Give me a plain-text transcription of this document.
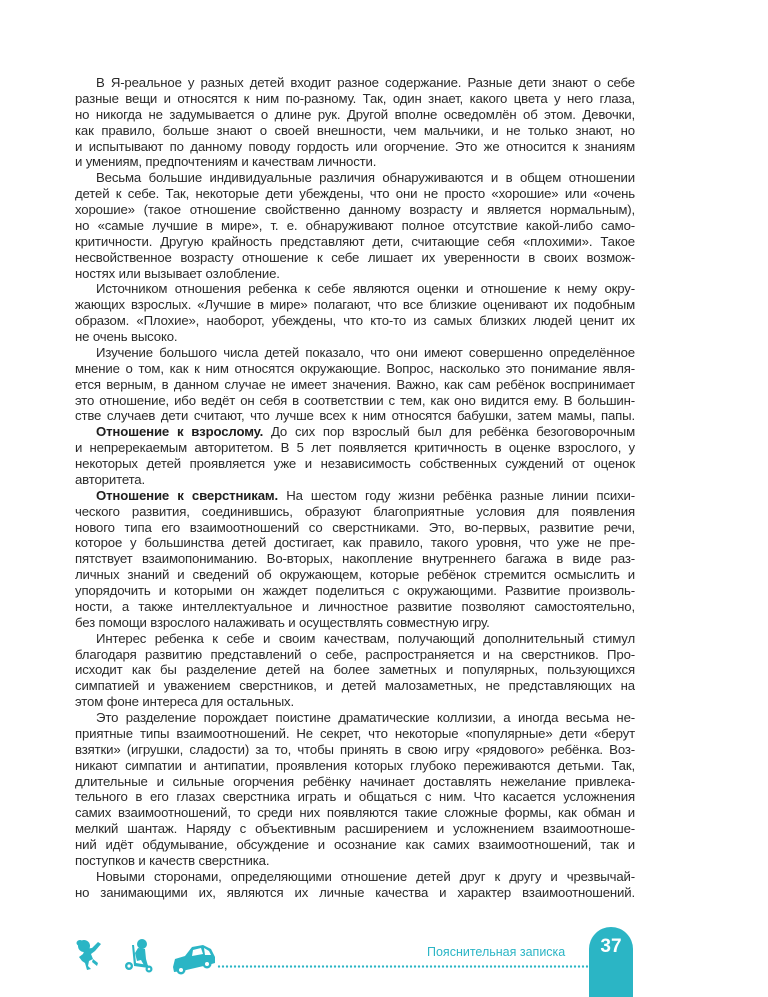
В Я-реальное у разных детей входит разное содержание. Разные дети знают о себе
разные вещи и относятся к ним по-разному. Так, один знает, какого цвета у него глаза,
но никогда не задумывается о длине рук. Другой вполне осведомлён об этом. Девочки,
как правило, больше знают о своей внешности, чем мальчики, и не только знают, но
и испытывают по данному поводу гордость или огорчение. Это же относится к знаниям
и умениям, предпочтениям и качествам личности.
Весьма большие индивидуальные различия обнаруживаются и в общем отношении
детей к себе. Так, некоторые дети убеждены, что они не просто «хорошие» или «очень
хорошие» (такое отношение свойственно данному возрасту и является нормальным),
но «самые лучшие в мире», т. е. обнаруживают полное отсутствие какой-либо само-
критичности. Другую крайность представляют дети, считающие себя «плохими». Такое
несвойственное возрасту отношение к себе лишает их уверенности в своих возмож-
ностях или вызывает озлобление.
Источником отношения ребенка к себе являются оценки и отношение к нему окру-
жающих взрослых. «Лучшие в мире» полагают, что все близкие оценивают их подобным
образом. «Плохие», наоборот, убеждены, что кто-то из самых близких людей ценит их
не очень высоко.
Изучение большого числа детей показало, что они имеют совершенно определённое
мнение о том, как к ним относятся окружающие. Вопрос, насколько это понимание явля-
ется верным, в данном случае не имеет значения. Важно, как сам ребёнок воспринимает
это отношение, ибо ведёт он себя в соответствии с тем, как оно видится ему. В большин-
стве случаев дети считают, что лучше всех к ним относятся бабушки, затем мамы, папы.
Отношение к взрослому. До сих пор взрослый был для ребёнка безоговорочным
и непререкаемым авторитетом. В 5 лет появляется критичность в оценке взрослого, у
некоторых детей проявляется уже и независимость собственных суждений от оценок
авторитета.
Отношение к сверстникам. На шестом году жизни ребёнка разные линии психи-
ческого развития, соединившись, образуют благоприятные условия для появления
нового типа его взаимоотношений со сверстниками. Это, во-первых, развитие речи,
которое у большинства детей достигает, как правило, такого уровня, что уже не пре-
пятствует взаимопониманию. Во-вторых, накопление внутреннего багажа в виде раз-
личных знаний и сведений об окружающем, которые ребёнок стремится осмыслить и
упорядочить и которыми он жаждет поделиться с окружающими. Развитие произволь-
ности, а также интеллектуальное и личностное развитие позволяют самостоятельно,
без помощи взрослого налаживать и осуществлять совместную игру.
Интерес ребенка к себе и своим качествам, получающий дополнительный стимул
благодаря развитию представлений о себе, распространяется и на сверстников. Про-
исходит как бы разделение детей на более заметных и популярных, пользующихся
симпатией и уважением сверстников, и детей малозаметных, не представляющих на
этом фоне интереса для остальных.
Это разделение порождает поистине драматические коллизии, а иногда весьма не-
приятные типы взаимоотношений. Не секрет, что некоторые «популярные» дети «берут
взятки» (игрушки, сладости) за то, чтобы принять в свою игру «рядового» ребёнка. Воз-
никают симпатии и антипатии, проявления которых глубоко переживаются детьми. Так,
длительные и сильные огорчения ребёнку начинает доставлять нежелание привлека-
тельного в его глазах сверстника играть и общаться с ним. Что касается усложнения
самих взаимоотношений, то среди них появляются такие сложные формы, как обман и
мелкий шантаж. Наряду с объективным расширением и усложнением взаимоотноше-
ний идёт обдумывание, обсуждение и осознание как самих взаимоотношений, так и
поступков и качеств сверстника.
Новыми сторонами, определяющими отношение детей друг к другу и чрезвычай-
но занимающими их, являются их личные качества и характер взаимоотношений.
Пояснительная записка	37
